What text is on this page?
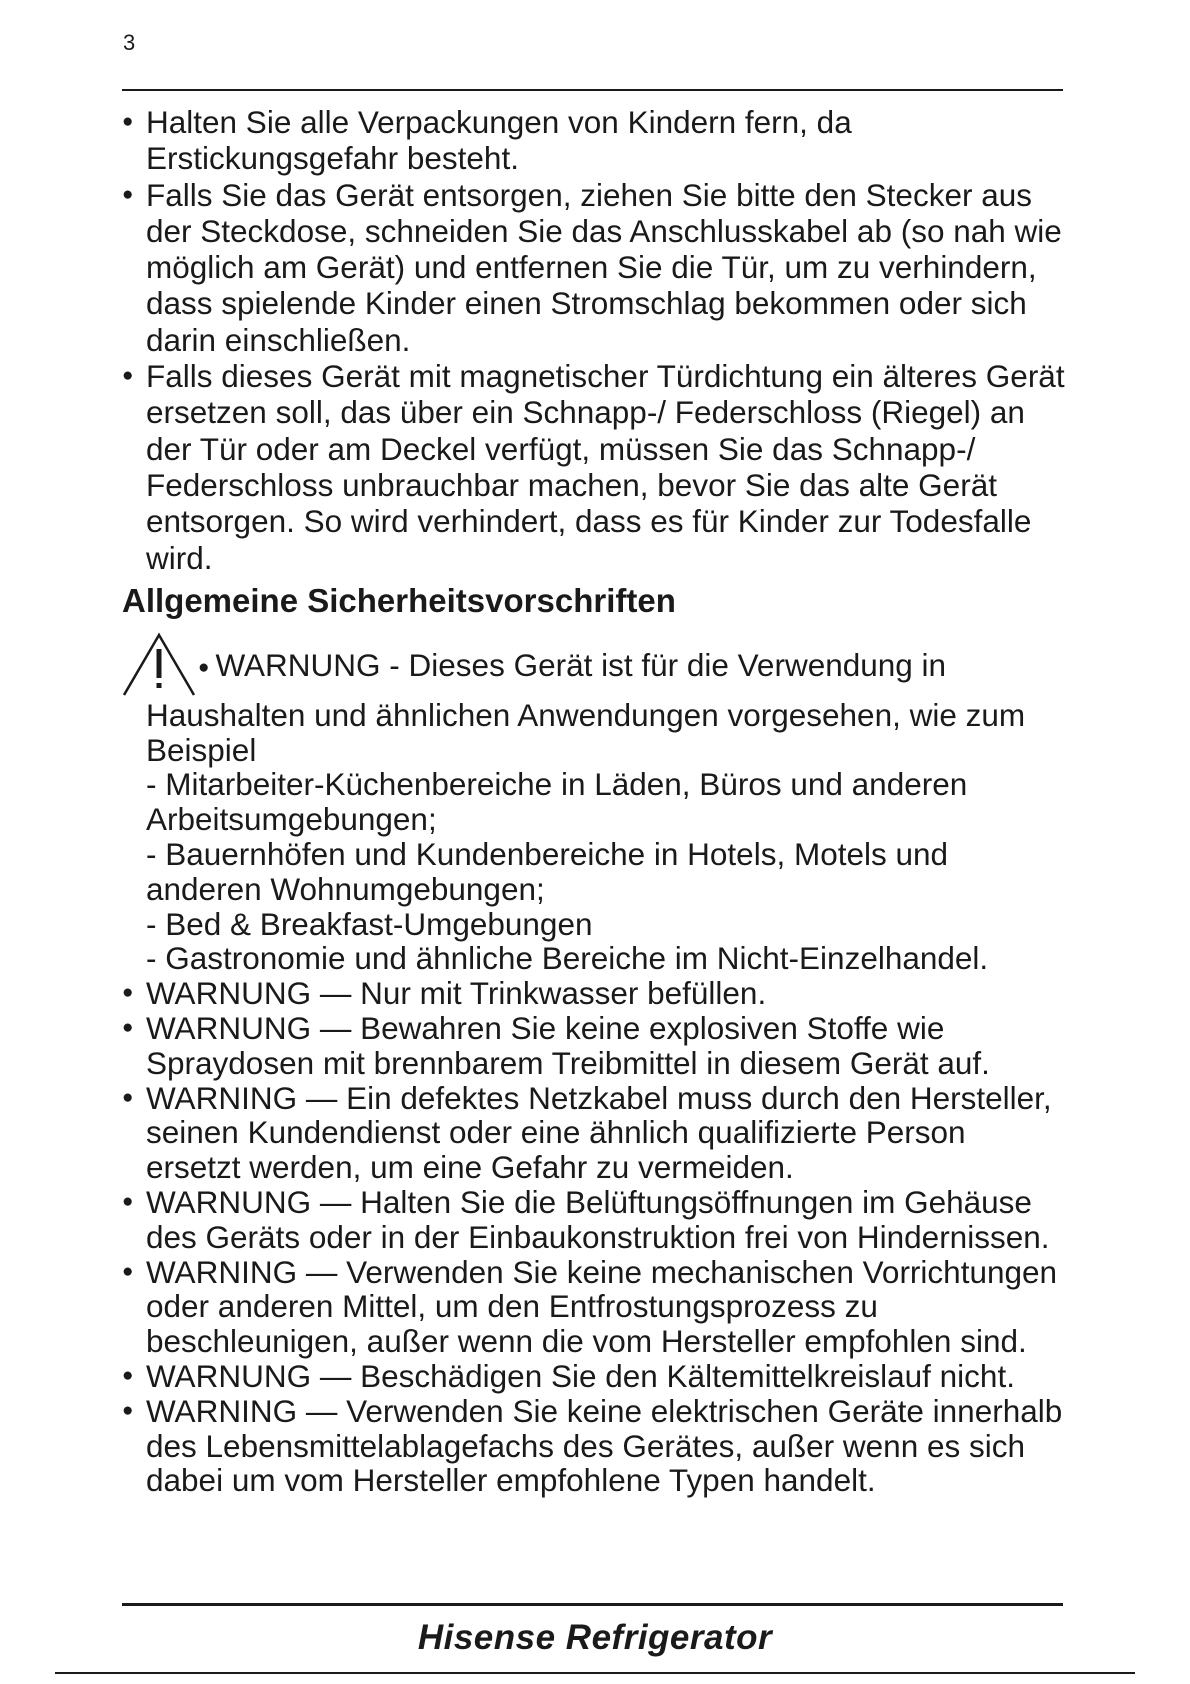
3
● Halten Sie alle Verpackungen von Kindern fern, da Erstickungsgefahr besteht.
● Falls Sie das Gerät entsorgen, ziehen Sie bitte den Stecker aus der Steckdose, schneiden Sie das Anschlusskabel ab (so nah wie möglich am Gerät) und entfernen Sie die Tür, um zu verhindern, dass spielende Kinder einen Stromschlag bekommen oder sich darin einschließen.
● Falls dieses Gerät mit magnetischer Türdichtung ein älteres Gerät ersetzen soll, das über ein Schnapp-/ Federschloss (Riegel) an der Tür oder am Deckel verfügt, müssen Sie das Schnapp-/ Federschloss unbrauchbar machen, bevor Sie das alte Gerät entsorgen. So wird verhindert, dass es für Kinder zur Todesfalle wird.
Allgemeine Sicherheitsvorschriften
● WARNUNG - Dieses Gerät ist für die Verwendung in
Haushalten und ähnlichen Anwendungen vorgesehen, wie zum Beispiel
- Mitarbeiter-Küchenbereiche in Läden, Büros und anderen Arbeitsumgebungen;
- Bauernhöfen und Kundenbereiche in Hotels, Motels und anderen Wohnumgebungen;
- Bed & Breakfast-Umgebungen
- Gastronomie und ähnliche Bereiche im Nicht-Einzelhandel.
● WARNUNG — Nur mit Trinkwasser befüllen.
● WARNUNG — Bewahren Sie keine explosiven Stoffe wie Spraydosen mit brennbarem Treibmittel in diesem Gerät auf.
● WARNING — Ein defektes Netzkabel muss durch den Hersteller, seinen Kundendienst oder eine ähnlich qualifizierte Person ersetzt werden, um eine Gefahr zu vermeiden.
● WARNUNG — Halten Sie die Belüftungsöffnungen im Gehäuse des Geräts oder in der Einbaukonstruktion frei von Hindernissen.
● WARNING — Verwenden Sie keine mechanischen Vorrichtungen oder anderen Mittel, um den Entfrostungsprozess zu beschleunigen, außer wenn die vom Hersteller empfohlen sind.
● WARNUNG — Beschädigen Sie den Kältemittelkreislauf nicht.
● WARNING — Verwenden Sie keine elektrischen Geräte innerhalb des Lebensmittelablagefachs des Gerätes, außer wenn es sich dabei um vom Hersteller empfohlene Typen handelt.
Hisense Refrigerator
